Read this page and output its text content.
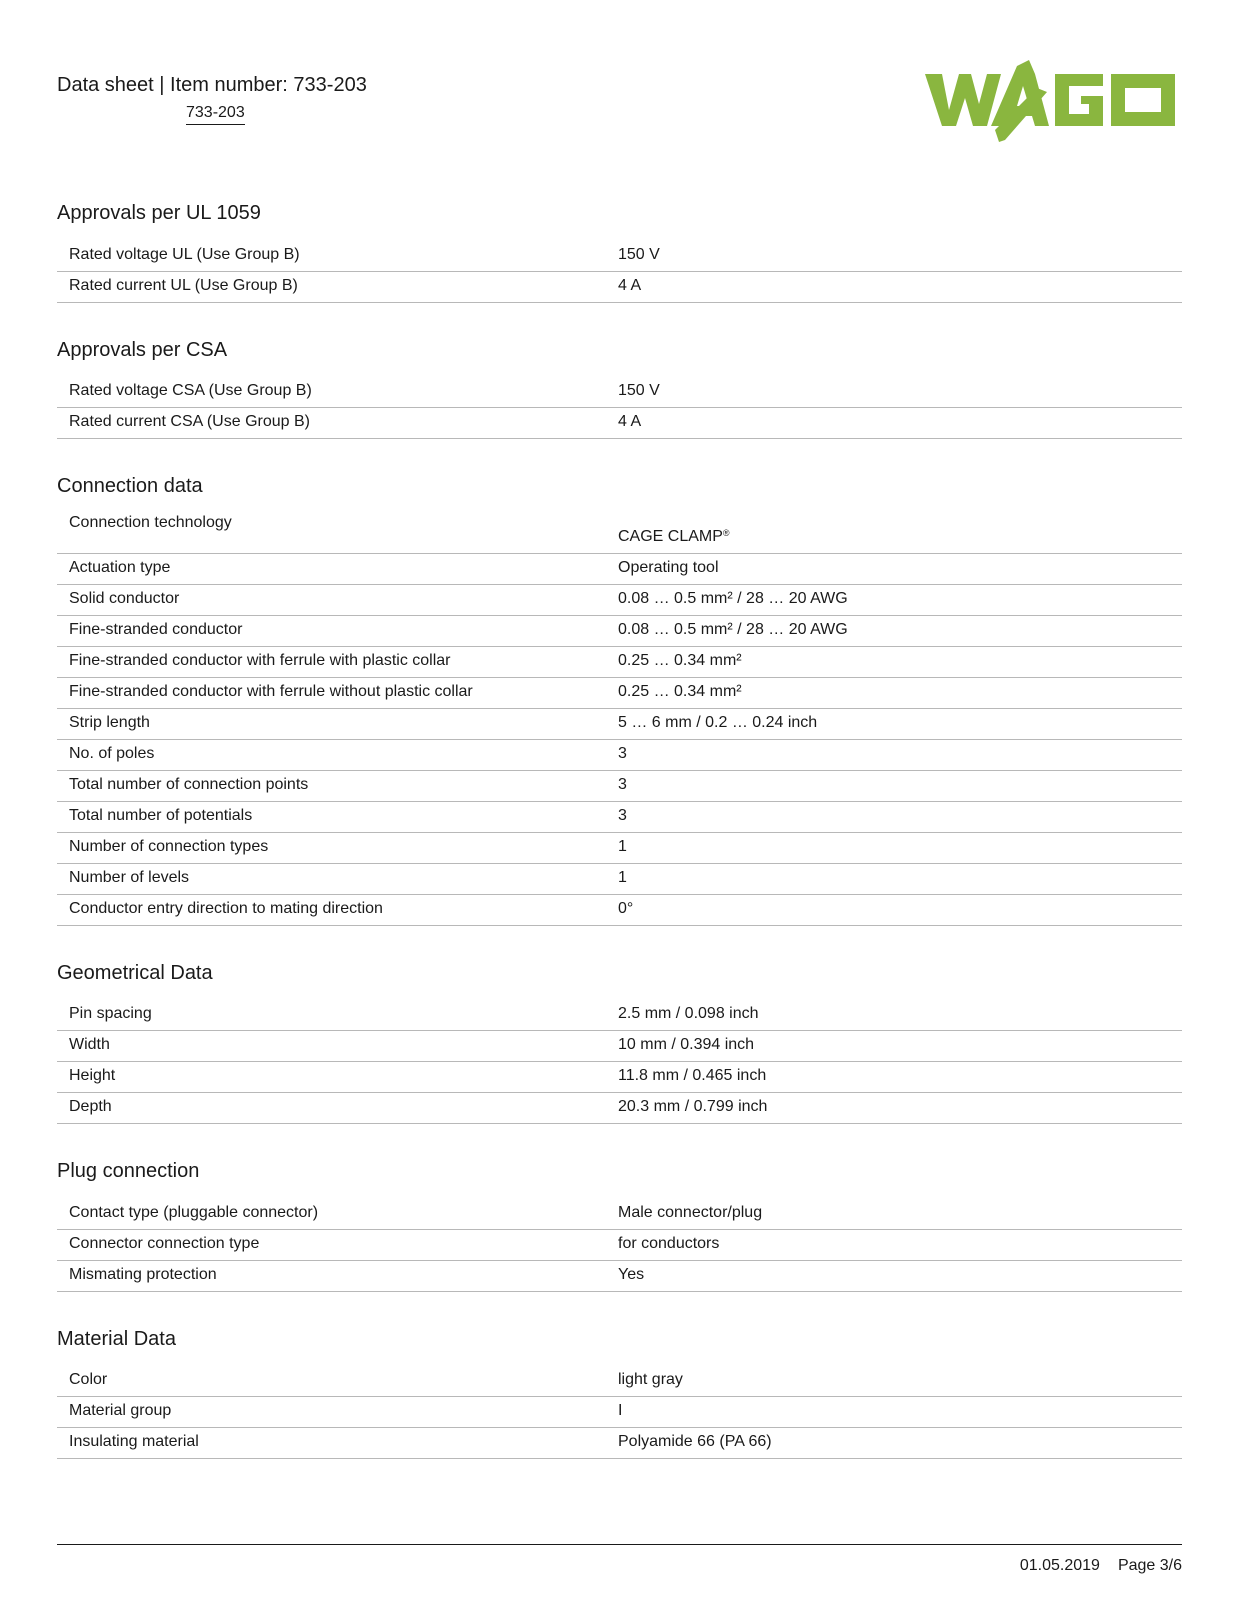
Data sheet | Item number: 733-203
733-203
Approvals per UL 1059
Rated voltage UL (Use Group B)	150 V
Rated current UL (Use Group B)	4 A
Approvals per CSA
Rated voltage CSA (Use Group B)	150 V
Rated current CSA (Use Group B)	4 A
Connection data
Connection technology	CAGE CLAMP®
Actuation type	Operating tool
Solid conductor	0.08 … 0.5 mm² / 28 … 20 AWG
Fine-stranded conductor	0.08 … 0.5 mm² / 28 … 20 AWG
Fine-stranded conductor with ferrule with plastic collar	0.25 … 0.34 mm²
Fine-stranded conductor with ferrule without plastic collar	0.25 … 0.34 mm²
Strip length	5 … 6 mm / 0.2 … 0.24 inch
No. of poles	3
Total number of connection points	3
Total number of potentials	3
Number of connection types	1
Number of levels	1
Conductor entry direction to mating direction	0°
Geometrical Data
Pin spacing	2.5 mm / 0.098 inch
Width	10 mm / 0.394 inch
Height	11.8 mm / 0.465 inch
Depth	20.3 mm / 0.799 inch
Plug connection
Contact type (pluggable connector)	Male connector/plug
Connector connection type	for conductors
Mismating protection	Yes
Material Data
Color	light gray
Material group	I
Insulating material	Polyamide 66 (PA 66)
01.05.2019 Page 3/6
